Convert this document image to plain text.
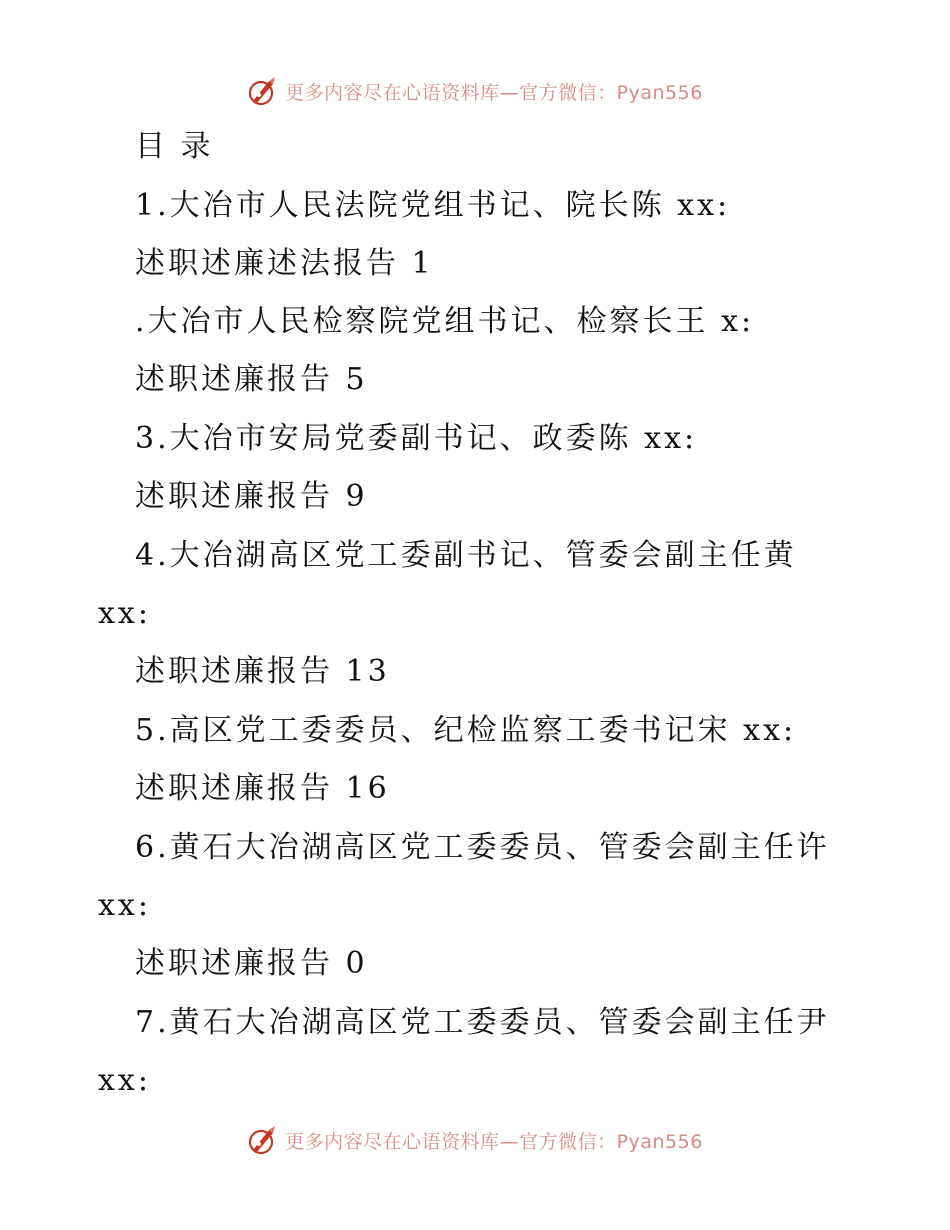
更多内容尽在心语资料库—官方微信：Pyan556
目 录
1.大冶市人民法院党组书记、院长陈 xx:
述职述廉述法报告 1
.大冶市人民检察院党组书记、检察长王 x:
述职述廉报告 5
3.大冶市安局党委副书记、政委陈 xx:
述职述廉报告 9
4.大冶湖高区党工委副书记、管委会副主任黄
xx:
述职述廉报告 13
5.高区党工委委员、纪检监察工委书记宋 xx:
述职述廉报告 16
6.黄石大冶湖高区党工委委员、管委会副主任许
xx:
述职述廉报告 0
7.黄石大冶湖高区党工委委员、管委会副主任尹
xx:
更多内容尽在心语资料库—官方微信：Pyan556
